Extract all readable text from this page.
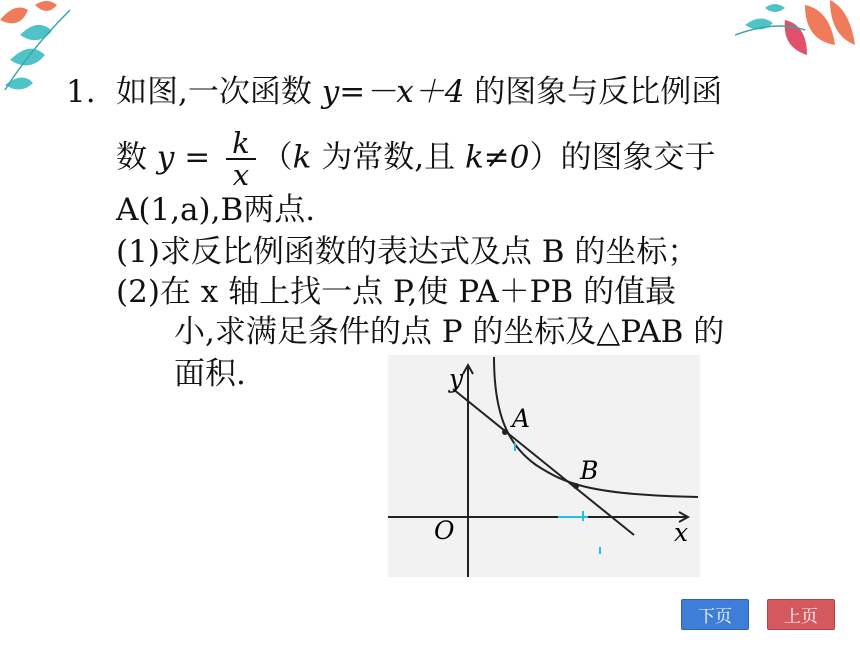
1. 如图,一次函数 y=－x＋4 的图象与反比例函
数 $y = \frac{k}{x} (k$ 为常数,且 k≠0）的图象交于
A(1,a),B两点.
(1)求反比例函数的表达式及点 B 的坐标；
(2)在 x 轴上找一点 P,使 PA＋PB 的值最
小,求满足条件的点 P 的坐标及△PAB 的
面积.	y
x
O
A
B
下页	上页
